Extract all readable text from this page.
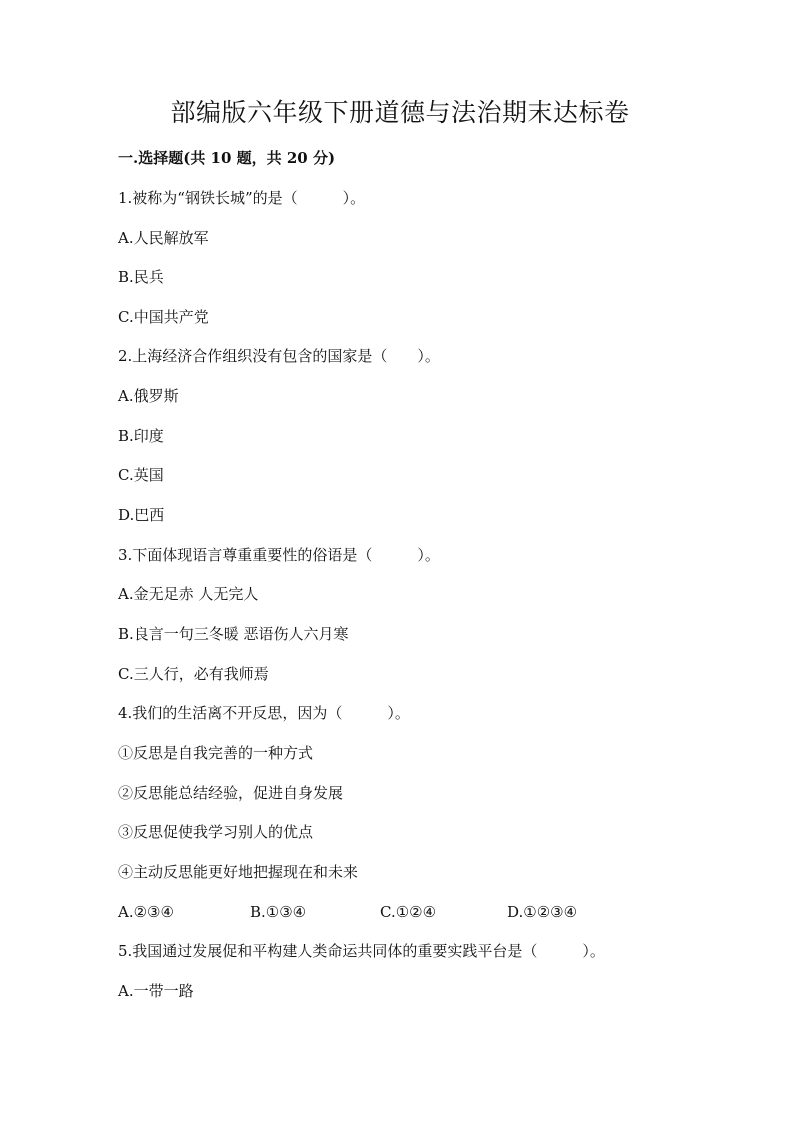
部编版六年级下册道德与法治期末达标卷
一.选择题(共 10 题，共 20 分)
1.被称为“钢铁长城”的是（　　　）。
A.人民解放军
B.民兵
C.中国共产党
2.上海经济合作组织没有包含的国家是（　　）。
A.俄罗斯
B.印度
C.英国
D.巴西
3.下面体现语言尊重重要性的俗语是（　　　）。
A.金无足赤 人无完人
B.良言一句三冬暖 恶语伤人六月寒
C.三人行，必有我师焉
4.我们的生活离不开反思，因为（　　　）。
①反思是自我完善的一种方式
②反思能总结经验，促进自身发展
③反思促使我学习别人的优点
④主动反思能更好地把握现在和未来
A.②③④	B.①③④	C.①②④	D.①②③④
5.我国通过发展促和平构建人类命运共同体的重要实践平台是（　　　）。
A.一带一路
